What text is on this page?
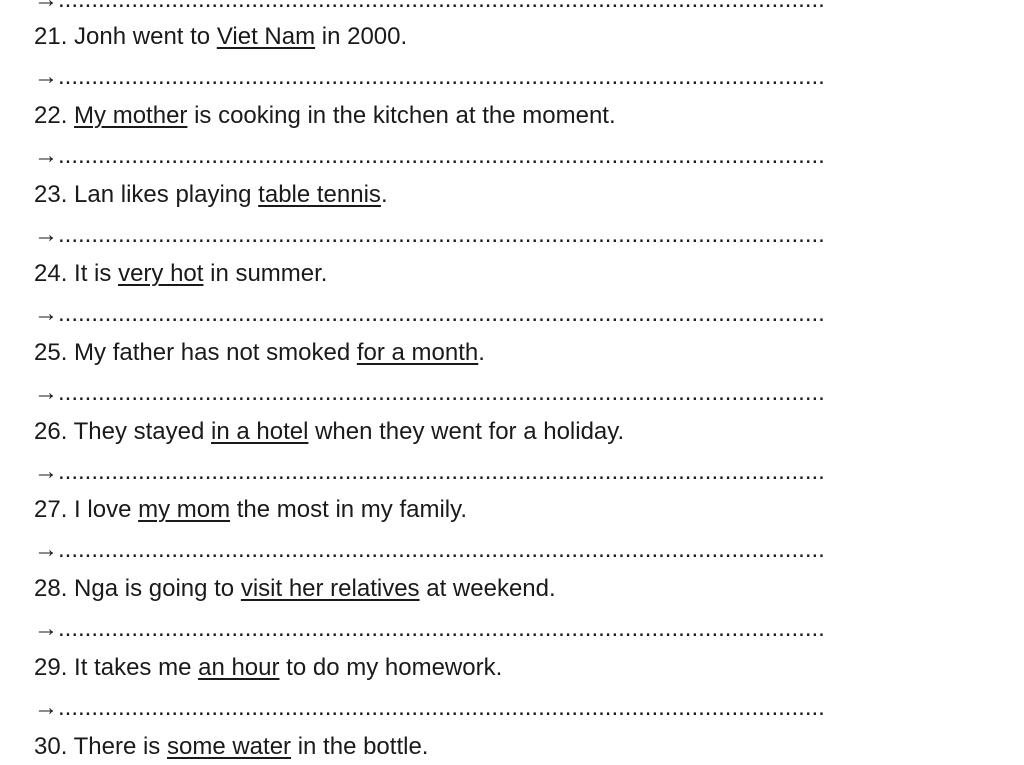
21. Jonh went to Viet Nam in 2000.
→...................................................................................................................
22. My mother is cooking in the kitchen at the moment.
→...................................................................................................................
23. Lan likes playing table tennis.
→...................................................................................................................
24. It is very hot in summer.
→...................................................................................................................
25. My father has not smoked for a month.
→...................................................................................................................
26. They stayed in a hotel when they went for a holiday.
→...................................................................................................................
27. I love my mom the most in my family.
→...................................................................................................................
28. Nga is going to visit her relatives at weekend.
→...................................................................................................................
29. It takes me an hour to do my homework.
→...................................................................................................................
30. There is some water in the bottle.
